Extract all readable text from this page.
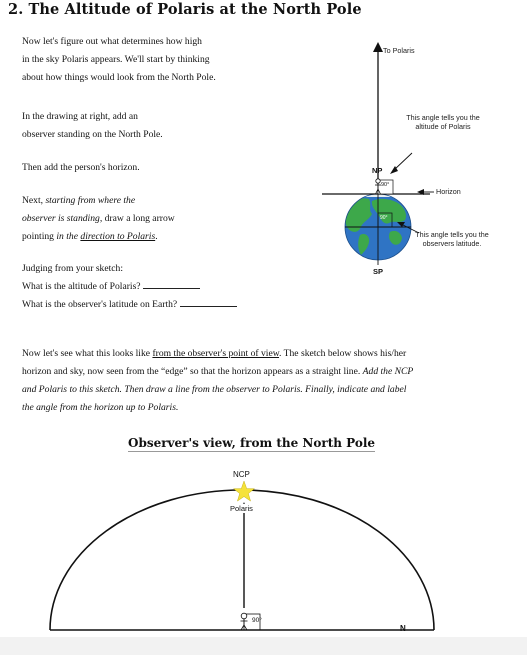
2. The Altitude of Polaris at the North Pole
Now let's figure out what determines how high
in the sky Polaris appears. We'll start by thinking
about how things would look from the North Pole.
In the drawing at right, add an
observer standing on the North Pole.
Then add the person's horizon.
Next, starting from where the
observer is standing, draw a long arrow
pointing in the direction to Polaris.
Judging from your sketch:
What is the altitude of Polaris?
What is the observer's latitude on Earth?
Now let's see what this looks like from the observer's point of view. The sketch below shows his/her
horizon and sky, now seen from the “edge” so that the horizon appears as a straight line. Add the NCP
and Polaris to this sketch. Then draw a line from the observer to Polaris. Finally, indicate and label
the angle from the horizon up to Polaris.
To Polaris
This angle tells you the altitude of Polaris
NP
90°
90°
Horizon
This angle tells you the observers latitude.
SP
Observer's view, from the North Pole
NCP
Polaris
90°
N
